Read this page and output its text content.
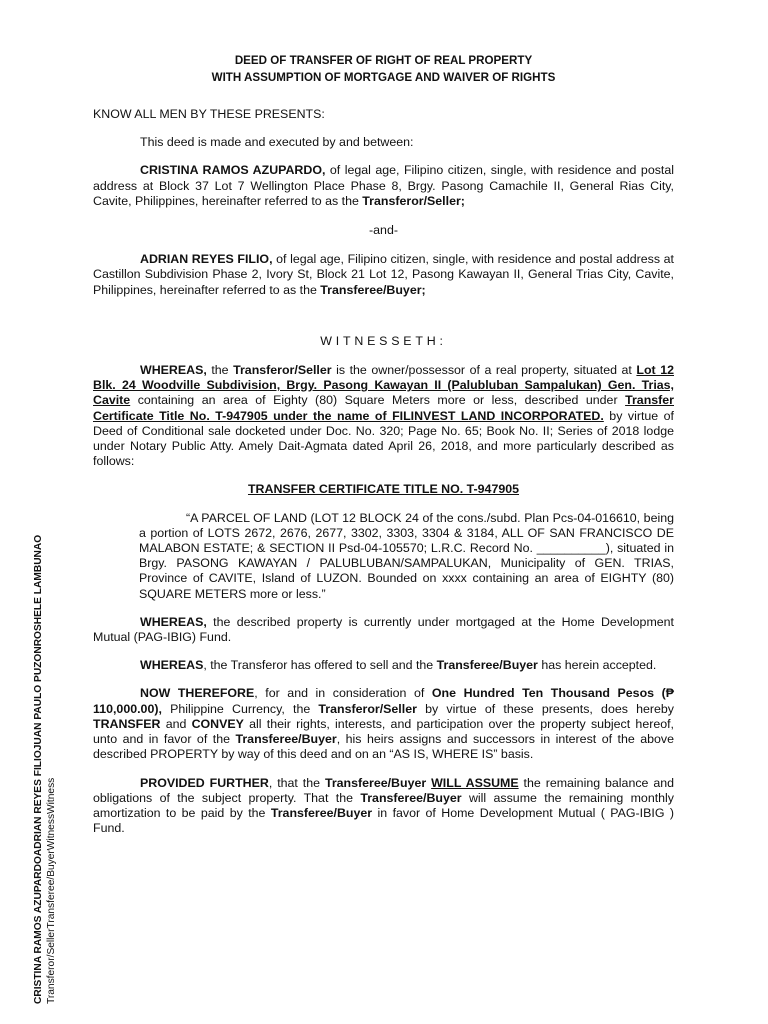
DEED OF TRANSFER OF RIGHT OF REAL PROPERTY
WITH ASSUMPTION OF MORTGAGE AND WAIVER OF RIGHTS

KNOW ALL MEN BY THESE PRESENTS:

This deed is made and executed by and between:

CRISTINA RAMOS AZUPARDO, of legal age, Filipino citizen, single, with residence and postal address at Block 37 Lot 7 Wellington Place Phase 8, Brgy. Pasong Camachile II, General Rias City, Cavite, Philippines, hereinafter referred to as the Transferor/Seller;

-and-

ADRIAN REYES FILIO, of legal age, Filipino citizen, single, with residence and postal address at Castillon Subdivision Phase 2, Ivory St, Block 21 Lot 12, Pasong Kawayan II, General Trias City, Cavite, Philippines, hereinafter referred to as the Transferee/Buyer;

WITNESSETH:

WHEREAS, the Transferor/Seller is the owner/possessor of a real property, situated at Lot 12 Blk. 24 Woodville Subdivision, Brgy. Pasong Kawayan II (Palubluban Sampalukan) Gen. Trias, Cavite containing an area of Eighty (80) Square Meters more or less, described under Transfer Certificate Title No. T-947905 under the name of FILINVEST LAND INCORPORATED. by virtue of Deed of Conditional sale docketed under Doc. No. 320; Page No. 65; Book No. II; Series of 2018 lodge under Notary Public Atty. Amely Dait-Agmata dated April 26, 2018, and more particularly described as follows:

TRANSFER CERTIFICATE TITLE NO. T-947905

“A PARCEL OF LAND (LOT 12 BLOCK 24 of the cons./subd. Plan Pcs-04-016610, being a portion of LOTS 2672, 2676, 2677, 3302, 3303, 3304 & 3184, ALL OF SAN FRANCISCO DE MALABON ESTATE; & SECTION II Psd-04-105570; L.R.C. Record No. __________), situated in Brgy. PASONG KAWAYAN / PALUBLUBAN/SAMPALUKAN, Municipality of GEN. TRIAS, Province of CAVITE, Island of LUZON. Bounded on xxxx containing an area of EIGHTY (80) SQUARE METERS more or less.”

WHEREAS, the described property is currently under mortgaged at the Home Development Mutual (PAG-IBIG) Fund.

WHEREAS, the Transferor has offered to sell and the Transferee/Buyer has herein accepted.

NOW THEREFORE, for and in consideration of One Hundred Ten Thousand Pesos (₱ 110,000.00), Philippine Currency, the Transferor/Seller by virtue of these presents, does hereby TRANSFER and CONVEY all their rights, interests, and participation over the property subject hereof, unto and in favor of the Transferee/Buyer, his heirs assigns and successors in interest of the above described PROPERTY by way of this deed and on an “AS IS, WHERE IS” basis.

PROVIDED FURTHER, that the Transferee/Buyer WILL ASSUME the remaining balance and obligations of the subject property. That the Transferee/Buyer will assume the remaining monthly amortization to be paid by the Transferee/Buyer in favor of Home Development Mutual ( PAG-IBIG ) Fund.

CRISTINA RAMOS AZUPARDOADRIAN REYES FILIOJUAN PAULO PUZONROSHELE LAMBUNAO Transferor/SellerTransferee/BuyerWitnessWitness
